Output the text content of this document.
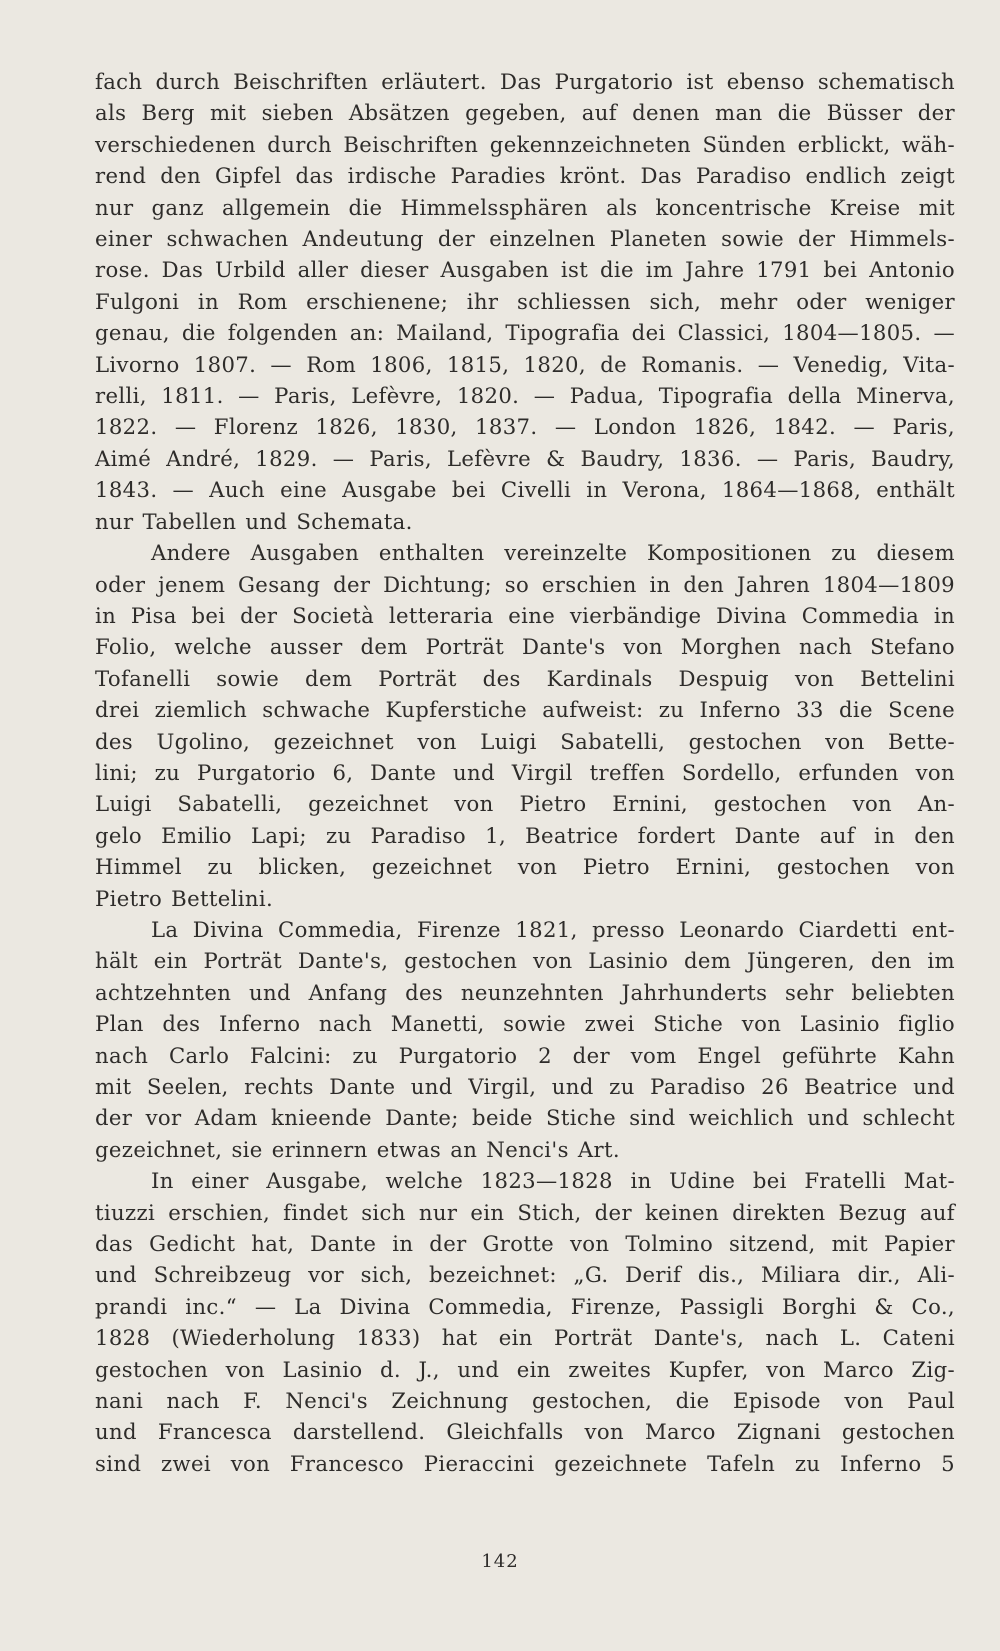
fach durch Beischriften erläutert. Das Purgatorio ist ebenso schematisch
als Berg mit sieben Absätzen gegeben, auf denen man die Büsser der
verschiedenen durch Beischriften gekennzeichneten Sünden erblickt, wäh-
rend den Gipfel das irdische Paradies krönt. Das Paradiso endlich zeigt
nur ganz allgemein die Himmelssphären als koncentrische Kreise mit
einer schwachen Andeutung der einzelnen Planeten sowie der Himmels-
rose. Das Urbild aller dieser Ausgaben ist die im Jahre 1791 bei Antonio
Fulgoni in Rom erschienene; ihr schliessen sich, mehr oder weniger
genau, die folgenden an: Mailand, Tipografia dei Classici, 1804—1805. —
Livorno 1807. — Rom 1806, 1815, 1820, de Romanis. — Venedig, Vita-
relli, 1811. — Paris, Lefèvre, 1820. — Padua, Tipografia della Minerva,
1822. — Florenz 1826, 1830, 1837. — London 1826, 1842. — Paris,
Aimé André, 1829. — Paris, Lefèvre & Baudry, 1836. — Paris, Baudry,
1843. — Auch eine Ausgabe bei Civelli in Verona, 1864—1868, enthält
nur Tabellen und Schemata.
Andere Ausgaben enthalten vereinzelte Kompositionen zu diesem
oder jenem Gesang der Dichtung; so erschien in den Jahren 1804—1809
in Pisa bei der Società letteraria eine vierbändige Divina Commedia in
Folio, welche ausser dem Porträt Dante's von Morghen nach Stefano
Tofanelli sowie dem Porträt des Kardinals Despuig von Bettelini
drei ziemlich schwache Kupferstiche aufweist: zu Inferno 33 die Scene
des Ugolino, gezeichnet von Luigi Sabatelli, gestochen von Bette-
lini; zu Purgatorio 6, Dante und Virgil treffen Sordello, erfunden von
Luigi Sabatelli, gezeichnet von Pietro Ernini, gestochen von An-
gelo Emilio Lapi; zu Paradiso 1, Beatrice fordert Dante auf in den
Himmel zu blicken, gezeichnet von Pietro Ernini, gestochen von
Pietro Bettelini.
La Divina Commedia, Firenze 1821, presso Leonardo Ciardetti ent-
hält ein Porträt Dante's, gestochen von Lasinio dem Jüngeren, den im
achtzehnten und Anfang des neunzehnten Jahrhunderts sehr beliebten
Plan des Inferno nach Manetti, sowie zwei Stiche von Lasinio figlio
nach Carlo Falcini: zu Purgatorio 2 der vom Engel geführte Kahn
mit Seelen, rechts Dante und Virgil, und zu Paradiso 26 Beatrice und
der vor Adam knieende Dante; beide Stiche sind weichlich und schlecht
gezeichnet, sie erinnern etwas an Nenci's Art.
In einer Ausgabe, welche 1823—1828 in Udine bei Fratelli Mat-
tiuzzi erschien, findet sich nur ein Stich, der keinen direkten Bezug auf
das Gedicht hat, Dante in der Grotte von Tolmino sitzend, mit Papier
und Schreibzeug vor sich, bezeichnet: „G. Derif dis., Miliara dir., Ali-
prandi inc.“ — La Divina Commedia, Firenze, Passigli Borghi & Co.,
1828 (Wiederholung 1833) hat ein Porträt Dante's, nach L. Cateni
gestochen von Lasinio d. J., und ein zweites Kupfer, von Marco Zig-
nani nach F. Nenci's Zeichnung gestochen, die Episode von Paul
und Francesca darstellend. Gleichfalls von Marco Zignani gestochen
sind zwei von Francesco Pieraccini gezeichnete Tafeln zu Inferno 5
142
